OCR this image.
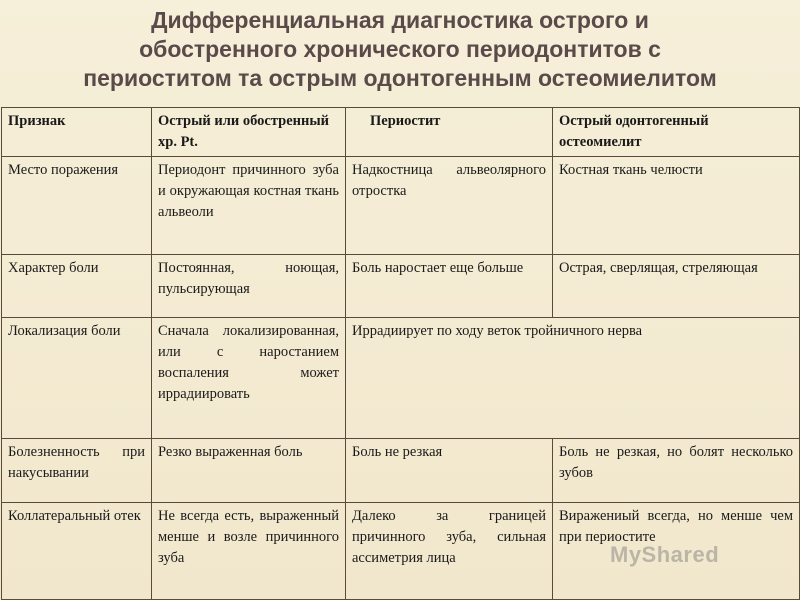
Дифференциальная диагностика острого и
обостренного хронического периодонтитов с
периоститом та острым одонтогенным остеомиелитом
Признак	Острый или обостренный хр. Pt.	Периостит	Острый одонтогенный остеомиелит
Место поражения	Периодонт причинного зуба и окружающая костная ткань альвеоли	Надкостница альвеолярного отростка	Костная ткань челюсти
Характер боли	Постоянная, ноющая, пульсирующая	Боль наростает еще больше	Острая, сверлящая, стреляющая
Локализация боли	Сначала локализированная, или с наростанием воспаления может иррадиировать	Иррадиирует по ходу веток тройничного нерва	
Болезненность при накусывании	Резко выраженная боль	Боль не резкая	Боль не резкая, но болят несколько зубов
Коллатеральный отек	Не всегда есть, выраженный менше и возле причинного зуба	Далеко за границей причинного зуба, сильная ассиметрия лица	Виражениый всегда, но менше чем при периостите
MyShared
